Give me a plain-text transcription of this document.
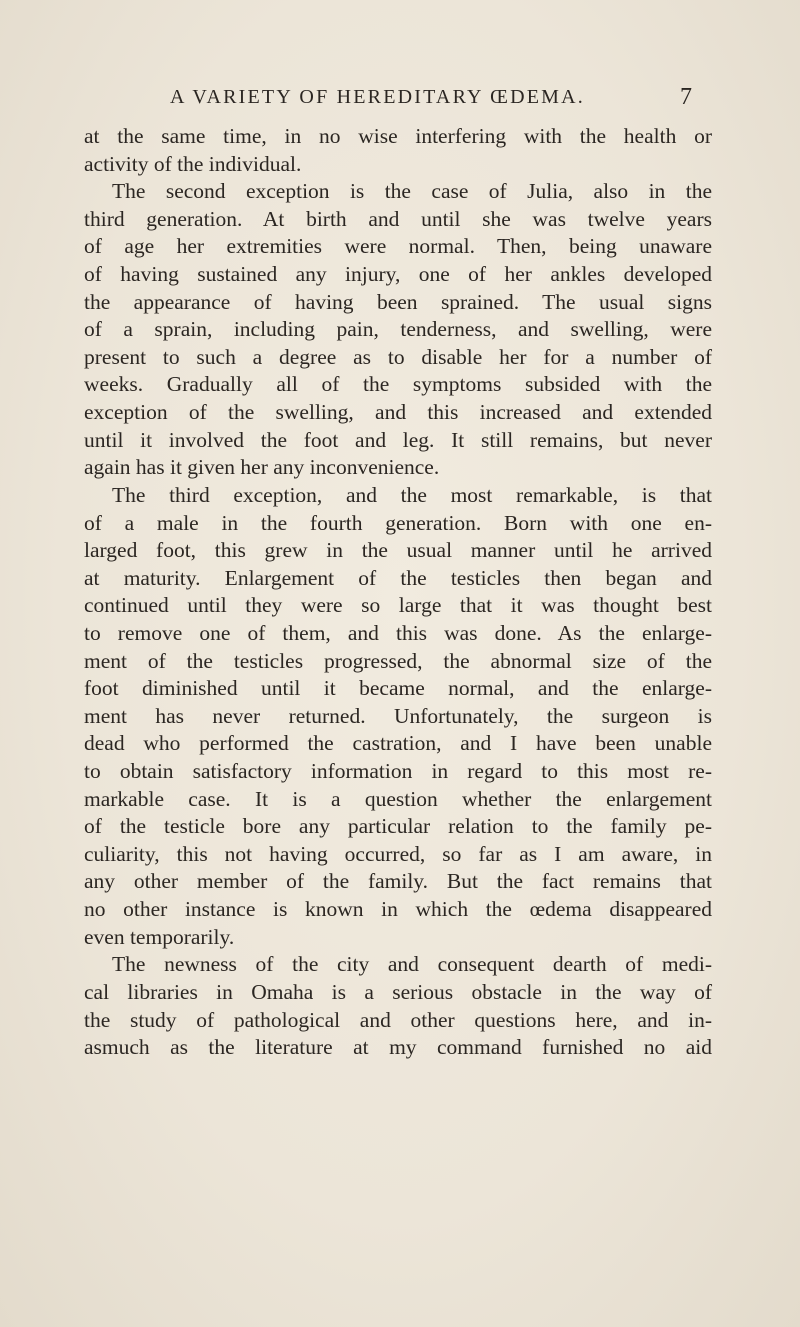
A VARIETY OF HEREDITARY ŒDEMA.	7
at the same time, in no wise interfering with the health or
activity of the individual.
The second exception is the case of Julia, also in the
third generation. At birth and until she was twelve years
of age her extremities were normal. Then, being unaware
of having sustained any injury, one of her ankles developed
the appearance of having been sprained. The usual signs
of a sprain, including pain, tenderness, and swelling, were
present to such a degree as to disable her for a number of
weeks. Gradually all of the symptoms subsided with the
exception of the swelling, and this increased and extended
until it involved the foot and leg. It still remains, but never
again has it given her any inconvenience.
The third exception, and the most remarkable, is that
of a male in the fourth generation. Born with one en-
larged foot, this grew in the usual manner until he arrived
at maturity. Enlargement of the testicles then began and
continued until they were so large that it was thought best
to remove one of them, and this was done. As the enlarge-
ment of the testicles progressed, the abnormal size of the
foot diminished until it became normal, and the enlarge-
ment has never returned. Unfortunately, the surgeon is
dead who performed the castration, and I have been unable
to obtain satisfactory information in regard to this most re-
markable case. It is a question whether the enlargement
of the testicle bore any particular relation to the family pe-
culiarity, this not having occurred, so far as I am aware, in
any other member of the family. But the fact remains that
no other instance is known in which the œdema disappeared
even temporarily.
The newness of the city and consequent dearth of medi-
cal libraries in Omaha is a serious obstacle in the way of
the study of pathological and other questions here, and in-
asmuch as the literature at my command furnished no aid
